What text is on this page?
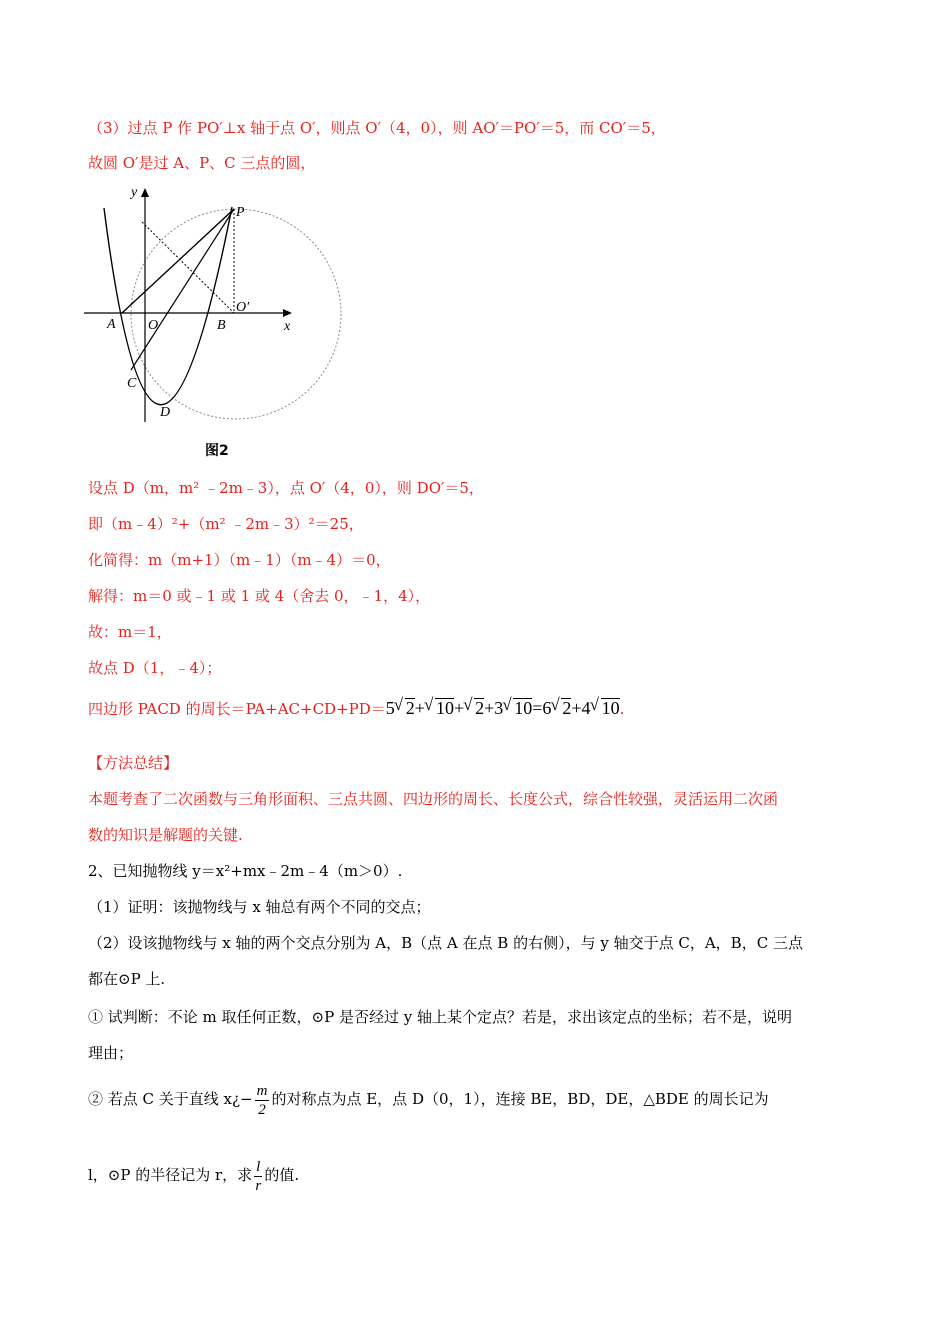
（3）过点 P 作 PO′⊥x 轴于点 O′，则点 O′（4，0），则 AO′＝PO′＝5，而 CO′＝5，
故圆 O′是过 A、P、C 三点的圆，
y
x
P
O′
A O	B
C
D
图2
设点 D（m，m² ﹣2m﹣3），点 O′（4，0），则 DO′＝5，
即（m﹣4）²+（m² ﹣2m﹣3）²＝25，
化简得：m（m+1）（m﹣1）（m﹣4）＝0，
解得：m＝0 或﹣1 或 1 或 4（舍去 0，﹣1，4），
故：m＝1，
故点 D（1，﹣4）；
四边形 PACD 的周长＝PA+AC+CD+PD＝5 √ 2+ √ 10+ √ 2+3 √ 10=6 √ 2+4 √ 10.
【方法总结】
本题考查了二次函数与三角形面积、三点共圆、四边形的周长、长度公式，综合性较强，灵活运用二次函
数的知识是解题的关键.
2、已知抛物线 y＝x²+mx﹣2m﹣4（m＞0）.
（1）证明：该抛物线与 x 轴总有两个不同的交点；
（2）设该抛物线与 x 轴的两个交点分别为 A，B（点 A 在点 B 的右侧），与 y 轴交于点 C，A，B，C 三点
都在⊙P 上.
① 试判断：不论 m 取任何正数，⊙P 是否经过 y 轴上某个定点？若是，求出该定点的坐标；若不是，说明
理由；
② 若点 C 关于直线 x¿− $\frac{m}{2}$ 的对称点为点 E，点 D（0，1），连接 BE，BD，DE，△BDE 的周长记为
l，⊙P 的半径记为 r，求 $\frac{l}{r}$ 的值.
